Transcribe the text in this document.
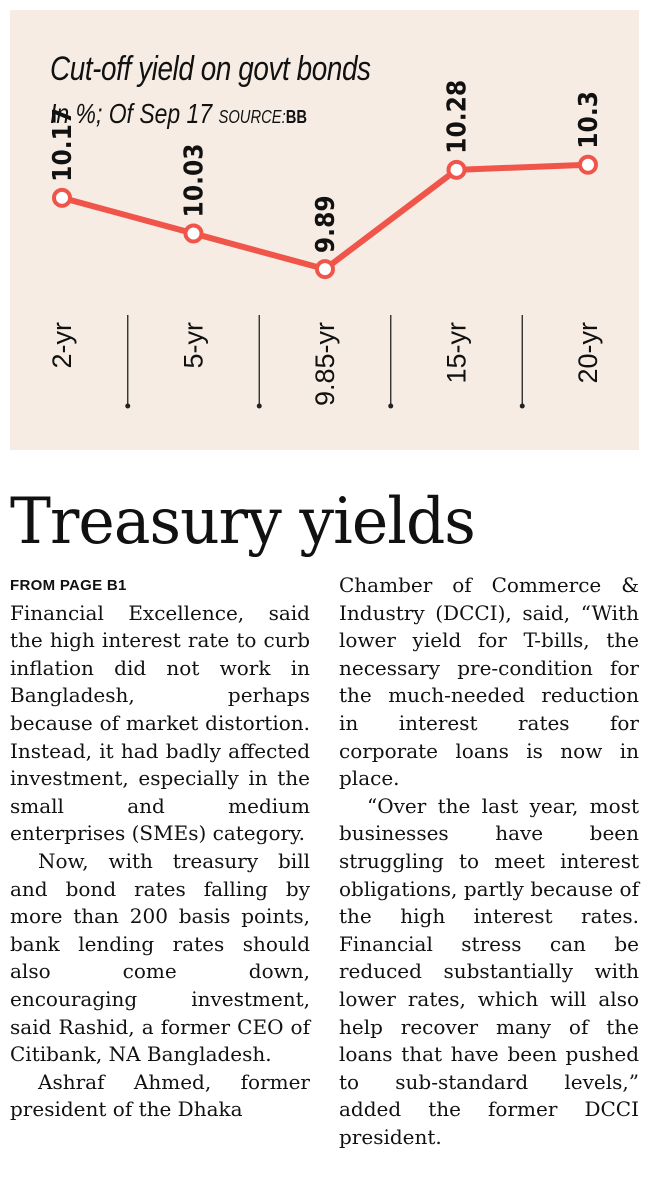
Cut-off yield on govt bonds
In %; Of Sep 17 SOURCE:BB
10.17	10.03
9.89
10.28	10.3
2-yr	5-yr	9.85-yr	15-yr	20-yr
Treasury yields
FROM PAGE B1

Financial Excellence, said the high interest rate to curb inflation did not work in Bangladesh, perhaps because of market distortion. Instead, it had badly affected investment, especially in the small and medium enterprises (SMEs) category.

Now, with treasury bill and bond rates falling by more than 200 basis points, bank lending rates should also come down, encouraging investment, said Rashid, a former CEO of Citibank, NA Bangladesh.

Ashraf Ahmed, former president of the Dhaka

Chamber of Commerce & Industry (DCCI), said, “With lower yield for T-bills, the necessary pre-condition for the much-needed reduction in interest rates for corporate loans is now in place.

“Over the last year, most businesses have been struggling to meet interest obligations, partly because of the high interest rates. Financial stress can be reduced substantially with lower rates, which will also help recover many of the loans that have been pushed to sub-standard levels,” added the former DCCI president.
